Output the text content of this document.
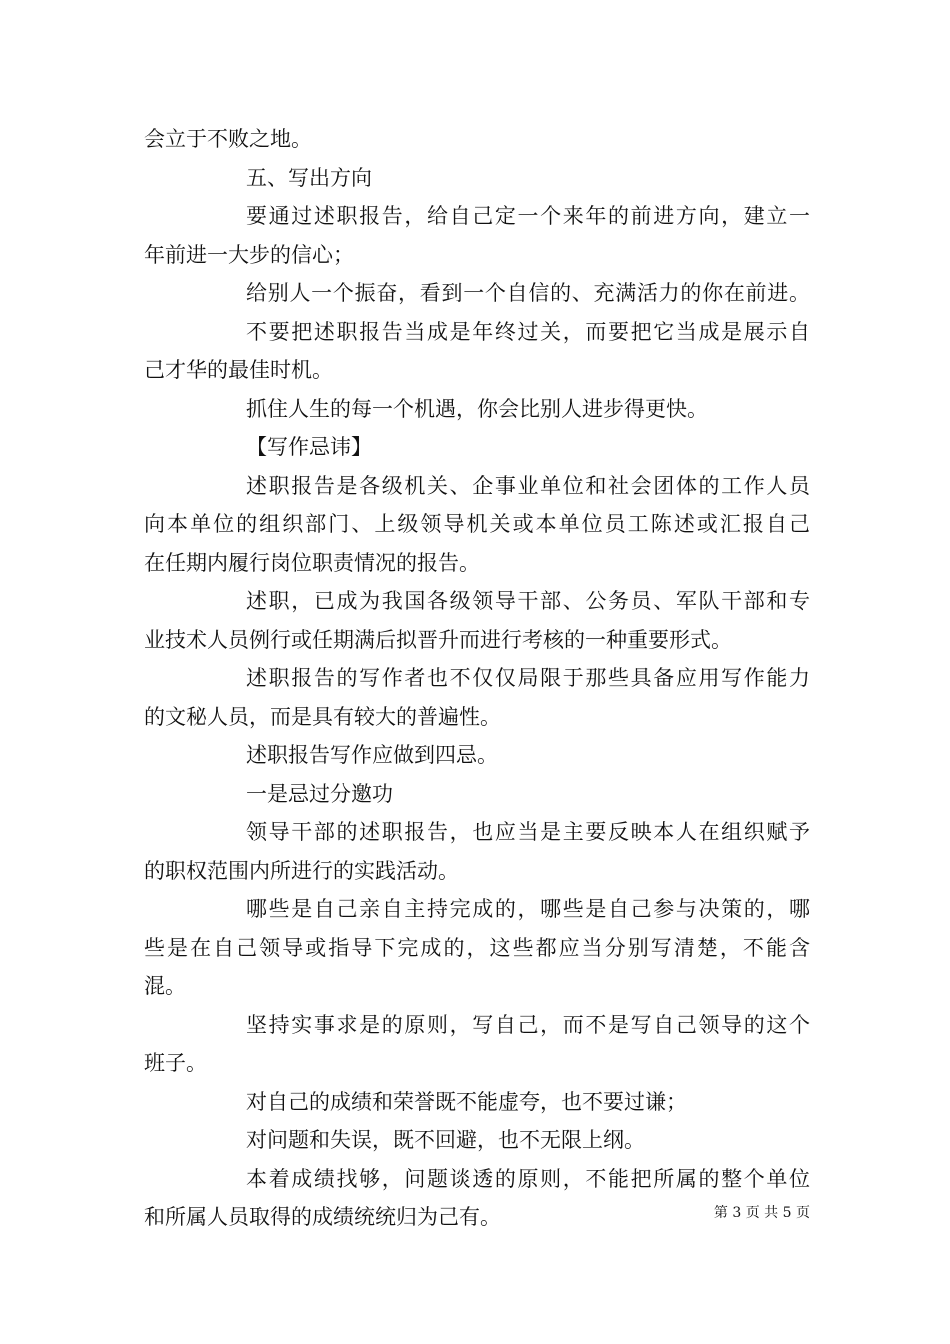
会立于不败之地。
五、写出方向
要通过述职报告，给自己定一个来年的前进方向，建立一
年前进一大步的信心；
给别人一个振奋，看到一个自信的、充满活力的你在前进。
不要把述职报告当成是年终过关，而要把它当成是展示自
己才华的最佳时机。
抓住人生的每一个机遇，你会比别人进步得更快。
【写作忌讳】
述职报告是各级机关、企事业单位和社会团体的工作人员
向本单位的组织部门、上级领导机关或本单位员工陈述或汇报自己
在任期内履行岗位职责情况的报告。
述职，已成为我国各级领导干部、公务员、军队干部和专
业技术人员例行或任期满后拟晋升而进行考核的一种重要形式。
述职报告的写作者也不仅仅局限于那些具备应用写作能力
的文秘人员，而是具有较大的普遍性。
述职报告写作应做到四忌。
一是忌过分邀功
领导干部的述职报告，也应当是主要反映本人在组织赋予
的职权范围内所进行的实践活动。
哪些是自己亲自主持完成的，哪些是自己参与决策的，哪
些是在自己领导或指导下完成的，这些都应当分别写清楚，不能含
混。
坚持实事求是的原则，写自己，而不是写自己领导的这个
班子。
对自己的成绩和荣誉既不能虚夸，也不要过谦；
对问题和失误，既不回避，也不无限上纲。
本着成绩找够，问题谈透的原则，不能把所属的整个单位
和所属人员取得的成绩统统归为己有。	第 3 页 共 5 页
